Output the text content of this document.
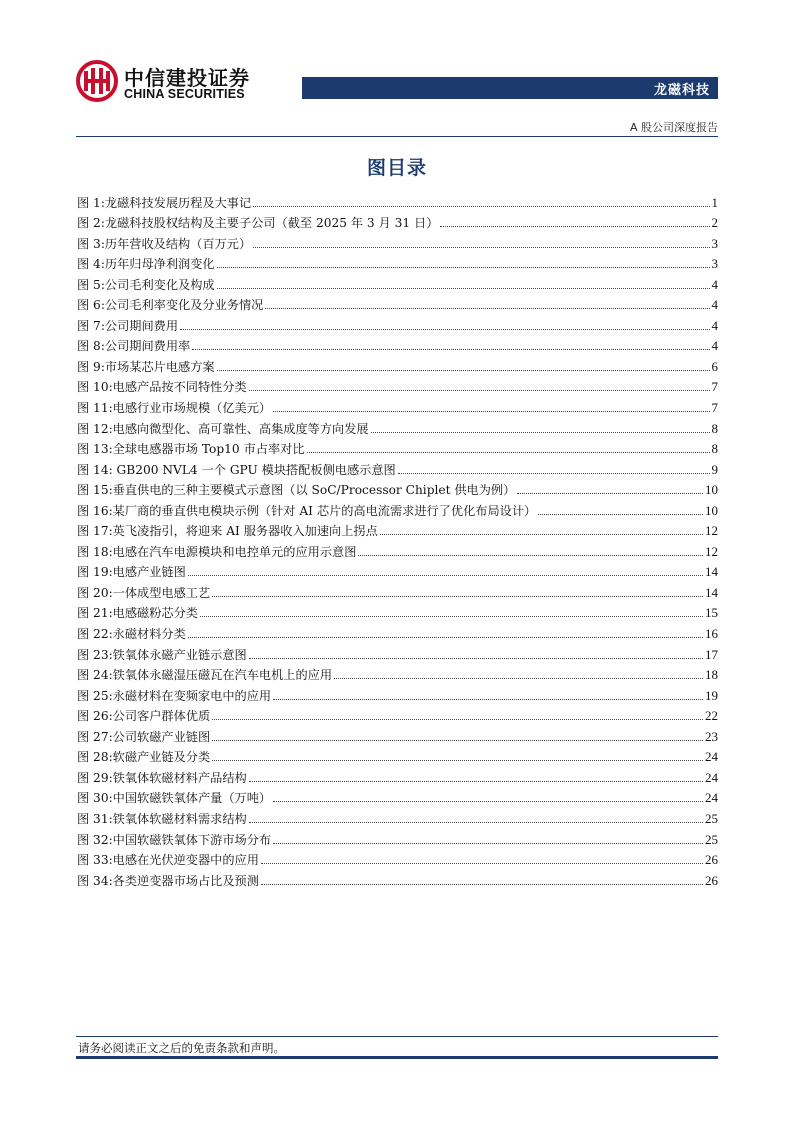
中信建投证券
CHINA SECURITIES	龙磁科技
A 股公司深度报告
图目录
图 1:龙磁科技发展历程及大事记	1
图 2:龙磁科技股权结构及主要子公司（截至 2025 年 3 月 31 日）	2
图 3:历年营收及结构（百万元）	3
图 4:历年归母净利润变化	3
图 5:公司毛利变化及构成	4
图 6:公司毛利率变化及分业务情况	4
图 7:公司期间费用	4
图 8:公司期间费用率	4
图 9:市场某芯片电感方案	6
图 10:电感产品按不同特性分类	7
图 11:电感行业市场规模（亿美元）	7
图 12:电感向微型化、高可靠性、高集成度等方向发展	8
图 13:全球电感器市场 Top10 市占率对比	8
图 14: GB200 NVL4 一个 GPU 模块搭配板侧电感示意图	9
图 15:垂直供电的三种主要模式示意图（以 SoC/Processor Chiplet 供电为例）	10
图 16:某厂商的垂直供电模块示例（针对 AI 芯片的高电流需求进行了优化布局设计）	10
图 17:英飞凌指引，将迎来 AI 服务器收入加速向上拐点	12
图 18:电感在汽车电源模块和电控单元的应用示意图	12
图 19:电感产业链图	14
图 20:一体成型电感工艺	14
图 21:电感磁粉芯分类	15
图 22:永磁材料分类	16
图 23:铁氧体永磁产业链示意图	17
图 24:铁氧体永磁湿压磁瓦在汽车电机上的应用	18
图 25:永磁材料在变频家电中的应用	19
图 26:公司客户群体优质	22
图 27:公司软磁产业链图	23
图 28:软磁产业链及分类	24
图 29:铁氧体软磁材料产品结构	24
图 30:中国软磁铁氧体产量（万吨）	24
图 31:铁氧体软磁材料需求结构	25
图 32:中国软磁铁氧体下游市场分布	25
图 33:电感在光伏逆变器中的应用	26
图 34:各类逆变器市场占比及预测	26
请务必阅读正文之后的免责条款和声明。
